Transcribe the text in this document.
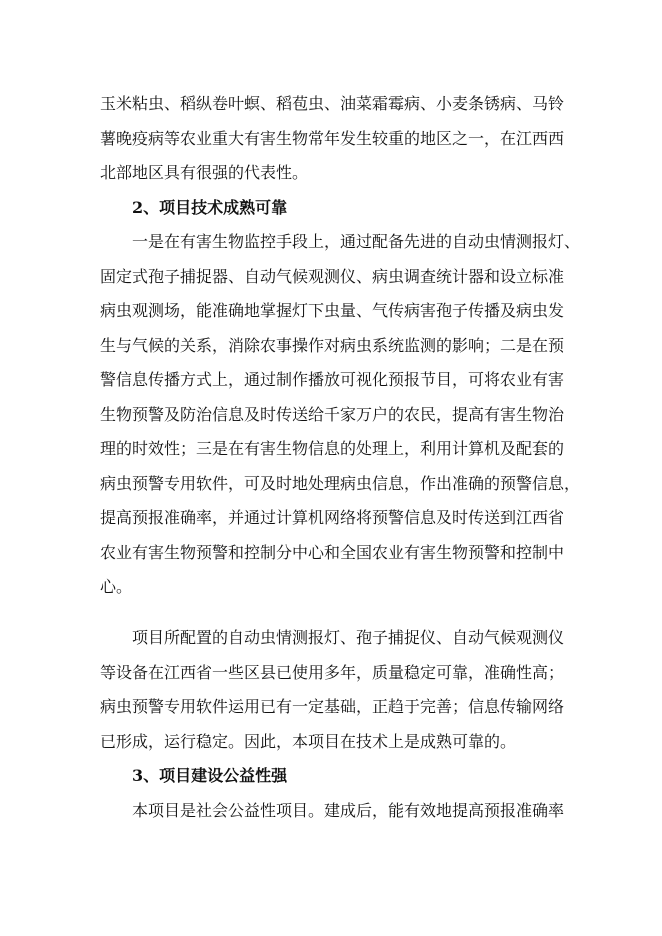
玉米粘虫、稻纵卷叶螟、稻苞虫、油菜霜霉病、小麦条锈病、马铃
薯晚疫病等农业重大有害生物常年发生较重的地区之一，在江西西
北部地区具有很强的代表性。
2、项目技术成熟可靠
一是在有害生物监控手段上，通过配备先进的自动虫情测报灯、
固定式孢子捕捉器、自动气候观测仪、病虫调查统计器和设立标准
病虫观测场，能准确地掌握灯下虫量、气传病害孢子传播及病虫发
生与气候的关系，消除农事操作对病虫系统监测的影响；二是在预
警信息传播方式上，通过制作播放可视化预报节目，可将农业有害
生物预警及防治信息及时传送给千家万户的农民，提高有害生物治
理的时效性；三是在有害生物信息的处理上，利用计算机及配套的
病虫预警专用软件，可及时地处理病虫信息，作出准确的预警信息，
提高预报准确率，并通过计算机网络将预警信息及时传送到江西省
农业有害生物预警和控制分中心和全国农业有害生物预警和控制中
心。
项目所配置的自动虫情测报灯、孢子捕捉仪、自动气候观测仪
等设备在江西省一些区县已使用多年，质量稳定可靠，准确性高；
病虫预警专用软件运用已有一定基础，正趋于完善；信息传输网络
已形成，运行稳定。因此，本项目在技术上是成熟可靠的。
3、项目建设公益性强
本项目是社会公益性项目。建成后，能有效地提高预报准确率
